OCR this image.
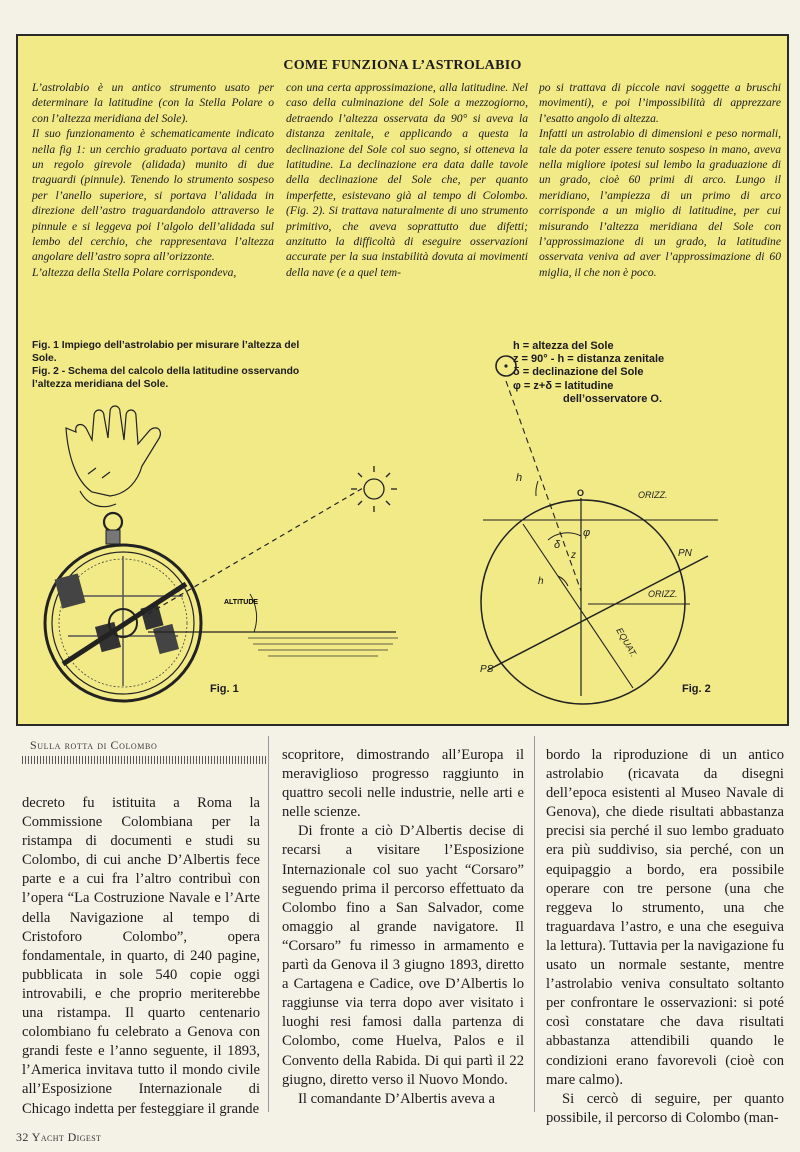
COME FUNZIONA L’ASTROLABIO

L’astrolabio è un antico strumento usato per determinare la latitudine (con la Stella Polare o con l’altezza meridiana del Sole).

Il suo funzionamento è schematicamente indicato nella fig 1: un cerchio graduato portava al centro un regolo girevole (alidada) munito di due traguardi (pinnule). Tenendo lo strumento sospeso per l’anello superiore, si portava l’alidada in direzione dell’astro traguardandolo attraverso le pinnule e si leggeva poi l’algolo dell’alidada sul lembo del cerchio, che rappresentava l’altezza angolare dell’astro sopra all’orizzonte.

L’altezza della Stella Polare corrispondeva,

con una certa approssimazione, alla latitudine. Nel caso della culminazione del Sole a mezzogiorno, detraendo l’altezza osservata da 90° si aveva la distanza zenitale, e applicando a questa la declinazione del Sole col suo segno, si otteneva la latitudine. La declinazione era data dalle tavole della declinazione del Sole che, per quanto imperfette, esistevano già al tempo di Colombo. (Fig. 2). Si trattava naturalmente di uno strumento primitivo, che aveva soprattutto due difetti; anzitutto la difficoltà di eseguire osservazioni accurate per la sua instabilità dovuta ai movimenti della nave (e a quel tem-

po si trattava di piccole navi soggette a bruschi movimenti), e poi l’impossibilità di apprezzare l’esatto angolo di altezza.

Infatti un astrolabio di dimensioni e peso normali, tale da poter essere tenuto sospeso in mano, aveva nella migliore ipotesi sul lembo la graduazione di un grado, cioè 60 primi di arco. Lungo il meridiano, l’ampiezza di un primo di arco corrisponde a un miglio di latitudine, per cui misurando l’altezza meridiana del Sole con l’approssimazione di un grado, la latitudine osservata veniva ad aver l’approssimazione di 60 miglia, il che non è poco.

Fig. 1 Impiego dell’astrolabio per misurare l’altezza del Sole.
Fig. 2 - Schema del calcolo della latitudine osservando l’altezza meridiana del Sole.
h = altezza del Sole
z = 90° - h = distanza zenitale
δ = declinazione del Sole
φ = z+δ = latitudine
dell’osservatore O.
ALTITUDE
ORIZZ.
ORIZZ.
EQUAT.
O
h
h
φ
δ
z	PN
PS
Fig. 1	Fig. 2
Sulla rotta di Colombo

decreto fu istituita a Roma la Commissione Colombiana per la ristampa di documenti e studi su Colombo, di cui anche D’Albertis fece parte e a cui fra l’altro contribuì con l’opera “La Costruzione Navale e l’Arte della Navigazione al tempo di Cristoforo Colombo”, opera fondamentale, in quarto, di 240 pagine, pubblicata in sole 540 copie oggi introvabili, e che proprio meriterebbe una ristampa. Il quarto centenario colombiano fu celebrato a Genova con grandi feste e l’anno seguente, il 1893, l’America invitava tutto il mondo civile all’Esposizione Internazionale di Chicago indetta per festeggiare il grande

scopritore, dimostrando all’Europa il meraviglioso progresso raggiunto in quattro secoli nelle industrie, nelle arti e nelle scienze.

Di fronte a ciò D’Albertis decise di recarsi a visitare l’Esposizione Internazionale col suo yacht “Corsaro” seguendo prima il percorso effettuato da Colombo fino a San Salvador, come omaggio al grande navigatore. Il “Corsaro” fu rimesso in armamento e partì da Genova il 3 giugno 1893, diretto a Cartagena e Cadice, ove D’Albertis lo raggiunse via terra dopo aver visitato i luoghi resi famosi dalla partenza di Colombo, come Huelva, Palos e il Convento della Rabida. Di qui partì il 22 giugno, diretto verso il Nuovo Mondo.

Il comandante D’Albertis aveva a

bordo la riproduzione di un antico astrolabio (ricavata da disegni dell’epoca esistenti al Museo Navale di Genova), che diede risultati abbastanza precisi sia perché il suo lembo graduato era più suddiviso, sia perché, con un equipaggio a bordo, era possibile operare con tre persone (una che reggeva lo strumento, una che traguardava l’astro, e una che eseguiva la lettura). Tuttavia per la navigazione fu usato un normale sestante, mentre l’astrolabio veniva consultato soltanto per confrontare le osservazioni: si poté così constatare che dava risultati abbastanza attendibili quando le condizioni erano favorevoli (cioè con mare calmo).

Si cercò di seguire, per quanto possibile, il percorso di Colombo (man-

32 Yacht Digest
